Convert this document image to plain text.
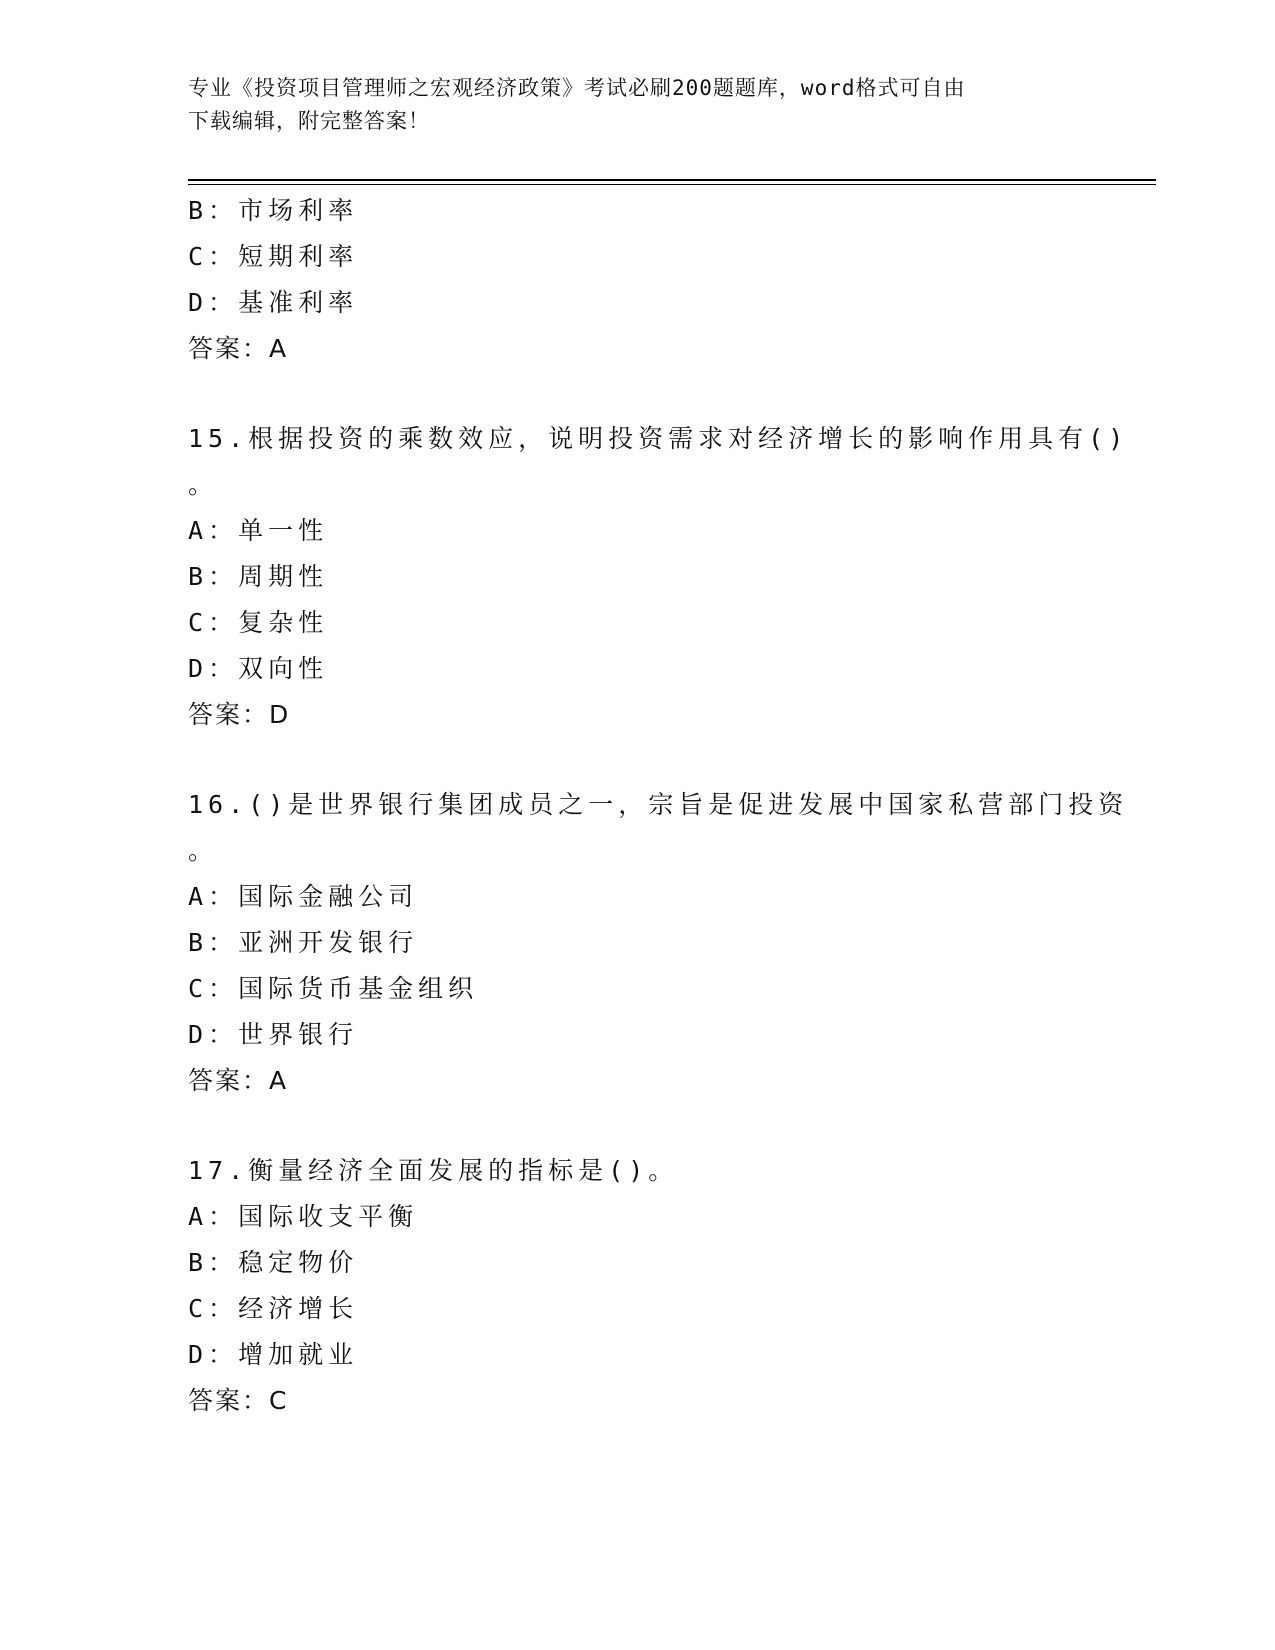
专业《投资项目管理师之宏观经济政策》考试必刷200题题库，word格式可自由
下载编辑，附完整答案！
B：市场利率
C：短期利率
D：基准利率
答案：A
15.根据投资的乘数效应，说明投资需求对经济增长的影响作用具有()
。
A：单一性
B：周期性
C：复杂性
D：双向性
答案：D
16.()是世界银行集团成员之一，宗旨是促进发展中国家私营部门投资
。
A：国际金融公司
B：亚洲开发银行
C：国际货币基金组织
D：世界银行
答案：A
17.衡量经济全面发展的指标是()。
A：国际收支平衡
B：稳定物价
C：经济增长
D：增加就业
答案：C
